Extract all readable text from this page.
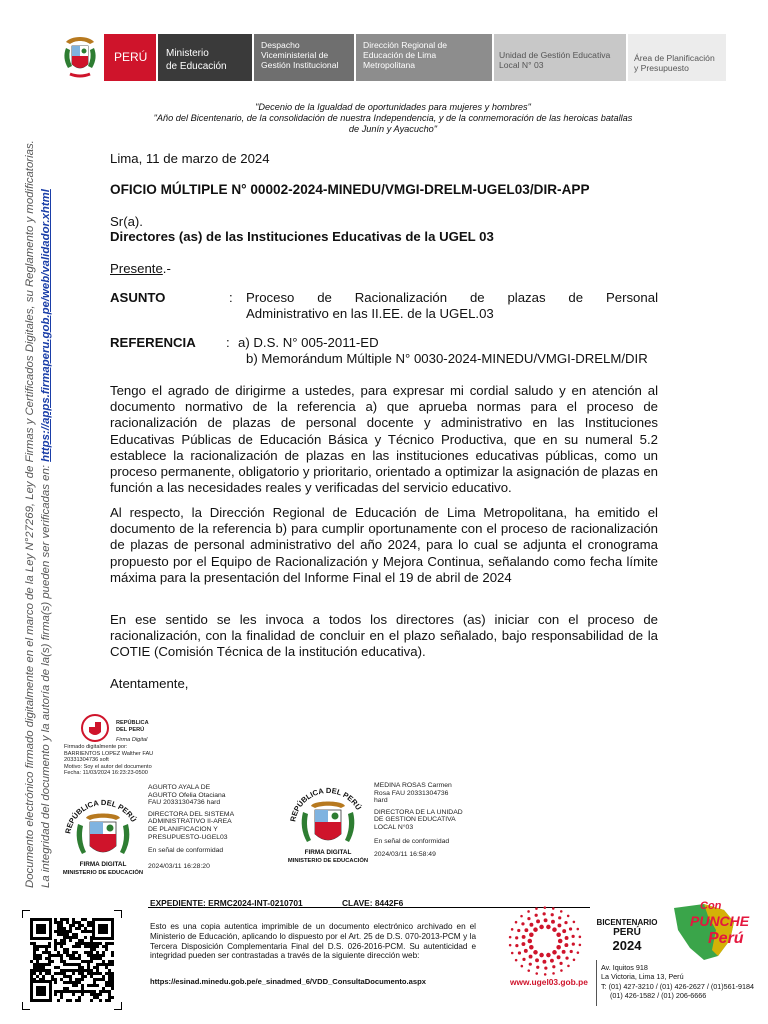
PERÚ Ministerio
de Educación
Despacho
Viceministerial de
Gestión Institucional
Dirección Regional de
Educación de Lima
Metropolitana
Unidad de Gestión Educativa
Local N° 03
Área de Planificación
y Presupuesto
Documento electrónico firmado digitalmente en el marco de la Ley N°27269, Ley de Firmas y Certificados Digitales, su Reglamento y modificatorias. La integridad del documento y la autoría de la(s) firma(s) pueden ser verificadas en: https://apps.firmaperu.gob.pe/web/validador.xhtml
"Decenio de la Igualdad de oportunidades para mujeres y hombres"
"Año del Bicentenario, de la consolidación de nuestra Independencia, y de la conmemoración de las heroicas batallas
de Junín y Ayacucho"
Lima, 11 de marzo de 2024
OFICIO MÚLTIPLE N° 00002-2024-MINEDU/VMGI-DRELM-UGEL03/DIR-APP
Sr(a).
Directores (as) de las Instituciones Educativas de la UGEL 03
Presente.-
ASUNTO	:	Proceso de Racionalización de plazas de Personal
Administrativo en las II.EE. de la UGEL.03
REFERENCIA	: a) D.S. N° 005-2011-ED
b) Memorándum Múltiple N° 0030-2024-MINEDU/VMGI-DRELM/DIR
Tengo el agrado de dirigirme a ustedes, para expresar mi cordial saludo y en atención al documento normativo de la referencia a) que aprueba normas para el proceso de racionalización de plazas de personal docente y administrativo en las Instituciones Educativas Públicas de Educación Básica y Técnico Productiva, que en su numeral 5.2 establece la racionalización de plazas en las instituciones educativas públicas, como un proceso permanente, obligatorio y prioritario, orientado a optimizar la asignación de plazas en función a las necesidades reales y verificadas del servicio educativo.
Al respecto, la Dirección Regional de Educación de Lima Metropolitana, ha emitido el documento de la referencia b) para cumplir oportunamente con el proceso de racionalización de plazas de personal administrativo del año 2024, para lo cual se adjunta el cronograma propuesto por el Equipo de Racionalización y Mejora Continua, señalando como fecha límite máxima para la presentación del Informe Final el 19 de abril de 2024
En ese sentido se les invoca a todos los directores (as) iniciar con el proceso de racionalización, con la finalidad de concluir en el plazo señalado, bajo responsabilidad de la COTIE (Comisión Técnica de la institución educativa).
Atentamente,
REPÚBLICA
DEL PERÚ
Firma Digital
Firmado digitalmente por:
BARRIENTOS LOPEZ Walther FAU
20331304736 soft
Motivo: Soy el autor del documento
Fecha: 11/03/2024 16:23:23-0500
REPÚBLICA DEL PERÚ
FIRMA DIGITAL
MINISTERIO DE EDUCACIÓN
AGURTO AYALA DE
AGURTO Ofelia Otaciana
FAU 20331304736 hard
DIRECTORA DEL SISTEMA
ADMINISTRATIVO II-AREA
DE PLANIFICACION Y
PRESUPUESTO-UGEL03
En señal de conformidad
2024/03/11 16:28:20
REPÚBLICA DEL PERÚ
FIRMA DIGITAL
MINISTERIO DE EDUCACIÓN
MEDINA ROSAS Carmen
Rosa FAU 20331304736
hard
DIRECTORA DE LA UNIDAD
DE GESTION EDUCATIVA
LOCAL N°03
En señal de conformidad
2024/03/11 16:58:49
EXPEDIENTE: ERMC2024-INT-0210701	CLAVE: 8442F6
Esto es una copia autentica imprimible de un documento electrónico archivado en el Ministerio de Educación, aplicando lo dispuesto por el Art. 25 de D.S. 070-2013-PCM y la Tercera Disposición Complementaria Final del D.S. 026-2016-PCM. Su autenticidad e integridad pueden ser contrastadas a través de la siguiente dirección web:
https://esinad.minedu.gob.pe/e_sinadmed_6/VDD_ConsultaDocumento.aspx
BICENTENARIO
PERÚ
2024
www.ugel03.gob.pe
Con
PUNCHE
Perú
Av. Iquitos 918
La Victoria, Lima 13, Perú
T: (01) 427-3210 / (01) 426-2627 / (01)561-9184
(01) 426-1582 / (01) 206-6666
